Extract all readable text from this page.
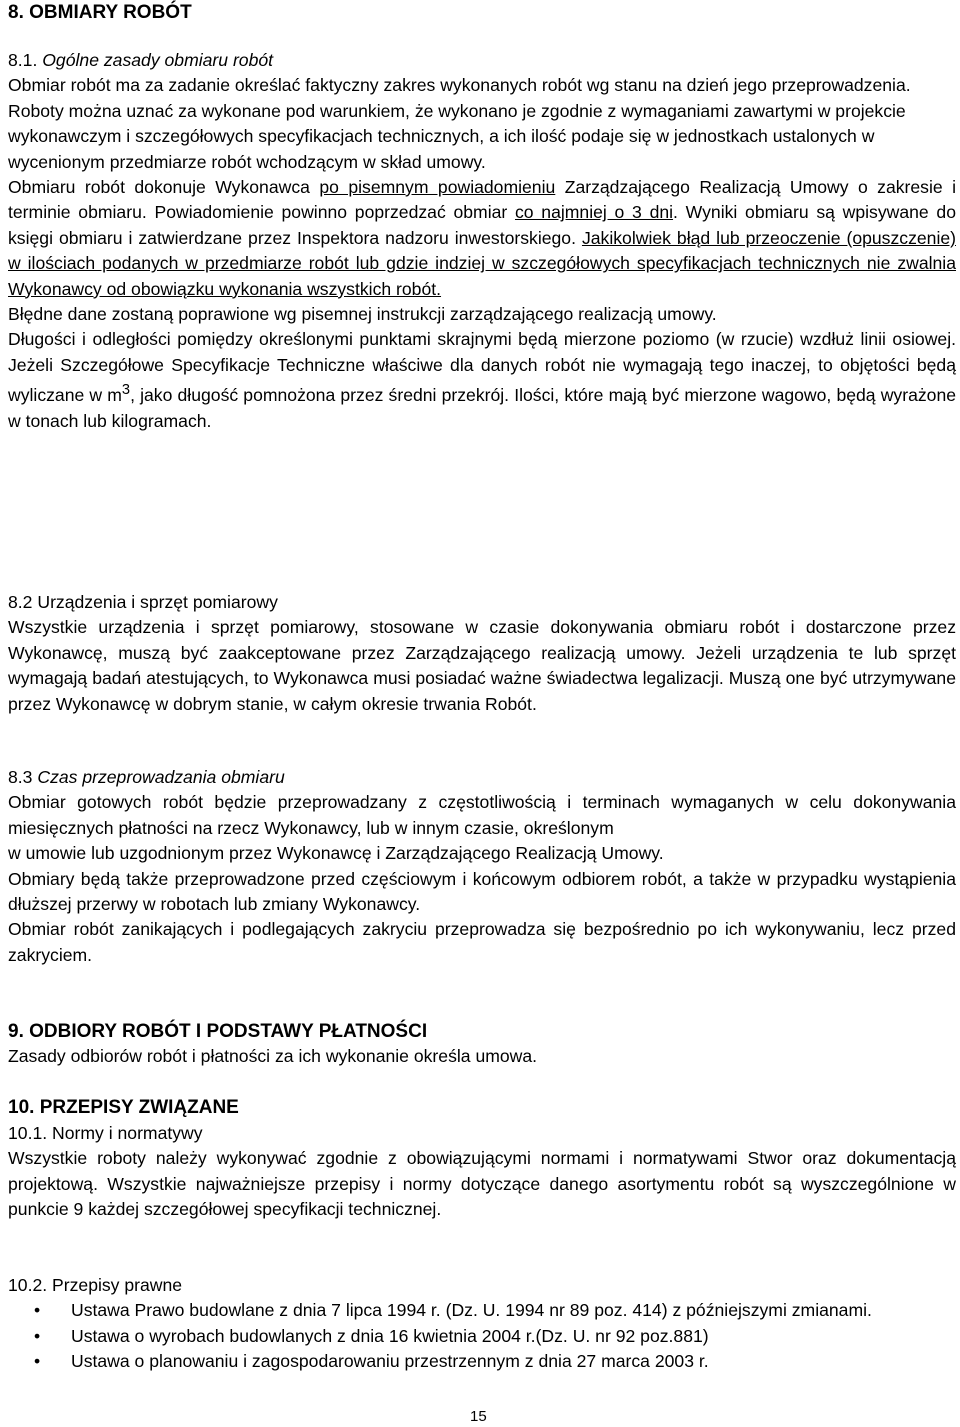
8. OBMIARY ROBÓT

8.1. Ogólne zasady obmiaru robót

Obmiar robót ma za zadanie określać faktyczny zakres wykonanych robót wg stanu na dzień jego przeprowadzenia. Roboty można uznać za wykonane pod warunkiem, że wykonano je zgodnie z wymaganiami zawartymi w projekcie wykonawczym i szczegółowych specyfikacjach technicznych, a ich ilość podaje się w jednostkach ustalonych w wycenionym przedmiarze robót wchodzącym w skład umowy.

Obmiaru robót dokonuje Wykonawca po pisemnym powiadomieniu Zarządzającego Realizacją Umowy o zakresie i terminie obmiaru. Powiadomienie powinno poprzedzać obmiar co najmniej o 3 dni. Wyniki obmiaru są wpisywane do księgi obmiaru i zatwierdzane przez Inspektora nadzoru inwestorskiego. Jakikolwiek błąd lub przeoczenie (opuszczenie) w ilościach podanych w przedmiarze robót lub gdzie indziej w szczegółowych specyfikacjach technicznych nie zwalnia Wykonawcy od obowiązku wykonania wszystkich robót.

Błędne dane zostaną poprawione wg pisemnej instrukcji zarządzającego realizacją umowy.

Długości i odległości pomiędzy określonymi punktami skrajnymi będą mierzone poziomo (w rzucie) wzdłuż linii osiowej. Jeżeli Szczegółowe Specyfikacje Techniczne właściwe dla danych robót nie wymagają tego inaczej, to objętości będą wyliczane w $m^3$, jako długość pomnożona przez średni przekrój. Ilości, które mają być mierzone wagowo, będą wyrażone w tonach lub kilogramach.

8.2 Urządzenia i sprzęt pomiarowy

Wszystkie urządzenia i sprzęt pomiarowy, stosowane w czasie dokonywania obmiaru robót i dostarczone przez Wykonawcę, muszą być zaakceptowane przez Zarządzającego realizacją umowy. Jeżeli urządzenia te lub sprzęt wymagają badań atestujących, to Wykonawca musi posiadać ważne świadectwa legalizacji. Muszą one być utrzymywane przez Wykonawcę w dobrym stanie, w całym okresie trwania Robót.

8.3 Czas przeprowadzania obmiaru

Obmiar gotowych robót będzie przeprowadzany z częstotliwością i terminach wymaganych w celu dokonywania miesięcznych płatności na rzecz Wykonawcy, lub w innym czasie, określonym

w umowie lub uzgodnionym przez Wykonawcę i Zarządzającego Realizacją Umowy.

Obmiary będą także przeprowadzone przed częściowym i końcowym odbiorem robót, a także w przypadku wystąpienia dłuższej przerwy w robotach lub zmiany Wykonawcy.

Obmiar robót zanikających i podlegających zakryciu przeprowadza się bezpośrednio po ich wykonywaniu, lecz przed zakryciem.

9. ODBIORY ROBÓT I PODSTAWY PŁATNOŚCI

Zasady odbiorów robót i płatności za ich wykonanie określa umowa.

10. PRZEPISY ZWIĄZANE

10.1. Normy i normatywy

Wszystkie roboty należy wykonywać zgodnie z obowiązującymi normami i normatywami Stwor oraz dokumentacją projektową. Wszystkie najważniejsze przepisy i normy dotyczące danego asortymentu robót są wyszczególnione w punkcie 9 każdej szczegółowej specyfikacji technicznej.

10.2. Przepisy prawne

• Ustawa Prawo budowlane z dnia 7 lipca 1994 r. (Dz. U. 1994 nr 89 poz. 414) z późniejszymi zmianami.
• Ustawa o wyrobach budowlanych z dnia 16 kwietnia 2004 r.(Dz. U. nr 92 poz.881)
• Ustawa o planowaniu i zagospodarowaniu przestrzennym z dnia 27 marca 2003 r.
15
